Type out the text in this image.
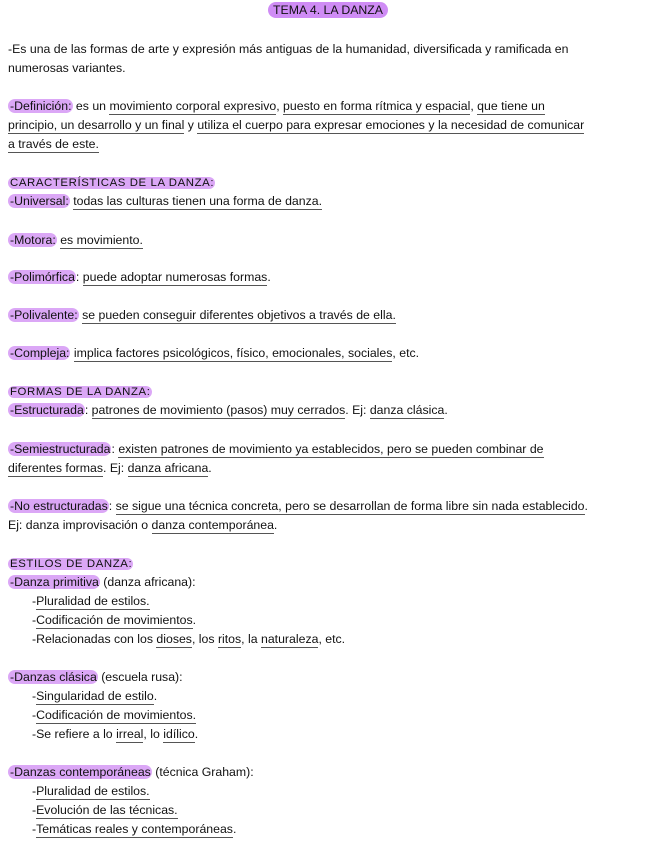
TEMA 4. LA DANZA
-Es una de las formas de arte y expresión más antiguas de la humanidad, diversificada y ramificada en
numerosas variantes.
-Definición: es un movimiento corporal expresivo, puesto en forma rítmica y espacial, que tiene un
principio, un desarrollo y un final y utiliza el cuerpo para expresar emociones y la necesidad de comunicar
a través de este.
CARACTERÍSTICAS DE LA DANZA:
-Universal: todas las culturas tienen una forma de danza.
-Motora: es movimiento.
-Polimórfica: puede adoptar numerosas formas.
-Polivalente: se pueden conseguir diferentes objetivos a través de ella.
-Compleja: implica factores psicológicos, físico, emocionales, sociales, etc.
FORMAS DE LA DANZA:
-Estructurada: patrones de movimiento (pasos) muy cerrados. Ej: danza clásica.
-Semiestructurada: existen patrones de movimiento ya establecidos, pero se pueden combinar de
diferentes formas. Ej: danza africana.
-No estructuradas: se sigue una técnica concreta, pero se desarrollan de forma libre sin nada establecido.
Ej: danza improvisación o danza contemporánea.
ESTILOS DE DANZA:
-Danza primitiva (danza africana):
-Pluralidad de estilos.
-Codificación de movimientos.
-Relacionadas con los dioses, los ritos, la naturaleza, etc.
-Danzas clásica (escuela rusa):
-Singularidad de estilo.
-Codificación de movimientos.
-Se refiere a lo irreal, lo idílico.
-Danzas contemporáneas (técnica Graham):
-Pluralidad de estilos.
-Evolución de las técnicas.
-Temáticas reales y contemporáneas.
